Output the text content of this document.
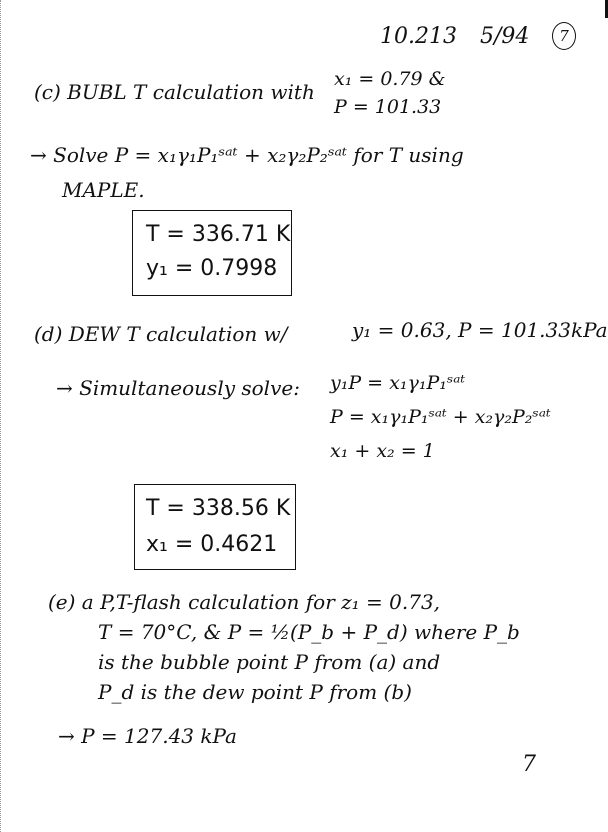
10.213 5/94	7
(c) BUBL T calculation with
x₁ = 0.79 &
P = 101.33
→ Solve P = x₁γ₁P₁ˢᵃᵗ + x₂γ₂P₂ˢᵃᵗ for T using
MAPLE.
T = 336.71 K
y₁ = 0.7998
(d) DEW T calculation w/	y₁ = 0.63, P = 101.33kPa
→ Simultaneously solve: y₁P = x₁γ₁P₁ˢᵃᵗ
P = x₁γ₁P₁ˢᵃᵗ + x₂γ₂P₂ˢᵃᵗ
x₁ + x₂ = 1
T = 338.56 K
x₁ = 0.4621
(e) a P,T-flash calculation for z₁ = 0.73,
T = 70°C, & P = ½(P_b + P_d) where P_b
is the bubble point P from (a) and
P_d is the dew point P from (b)
→ P = 127.43 kPa
7
